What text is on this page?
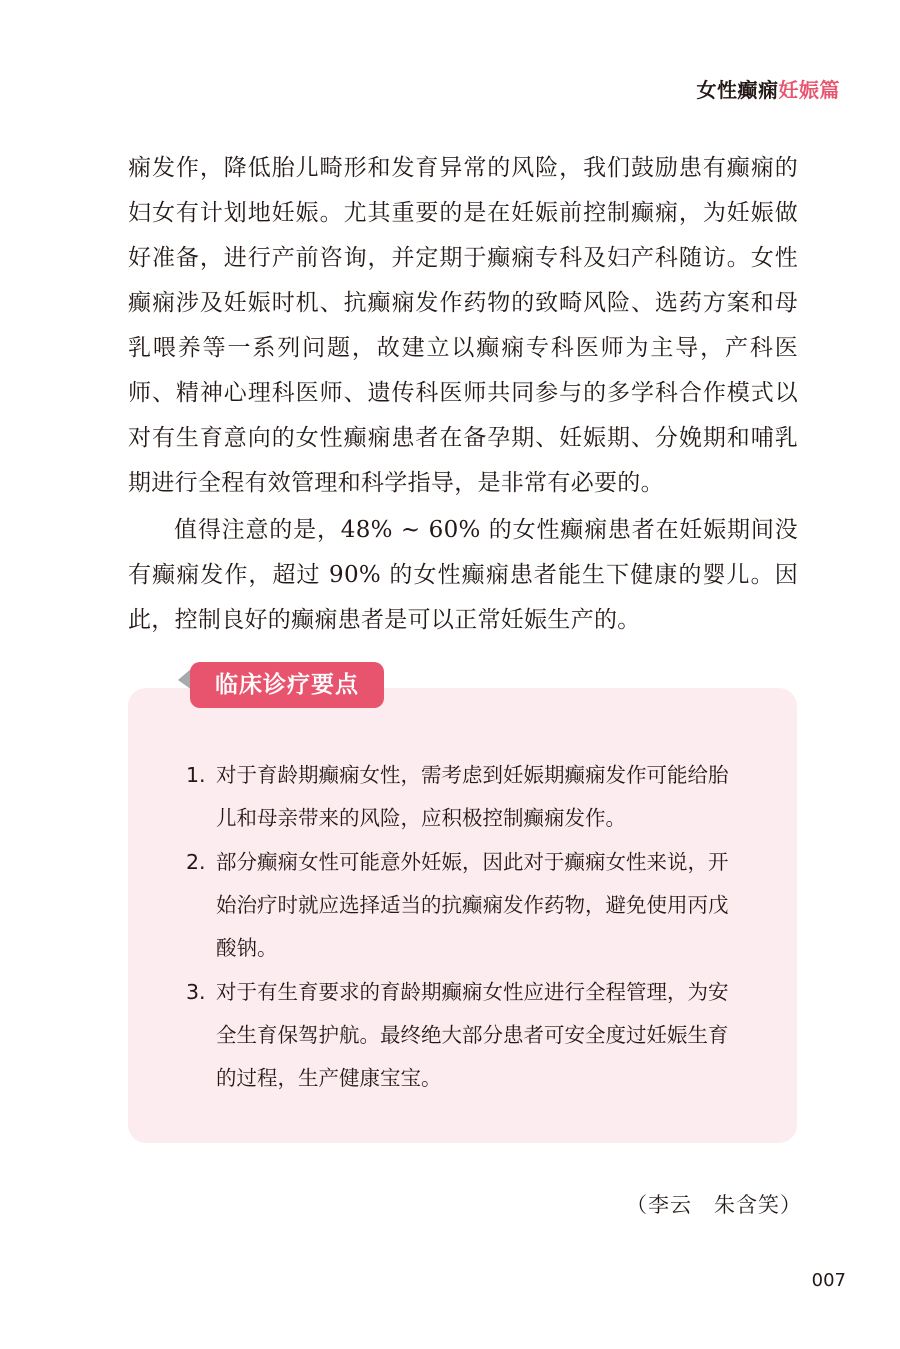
女性癫痫妊娠篇

痫发作，降低胎儿畸形和发育异常的风险，我们鼓励患有癫痫的妇女有计划地妊娠。尤其重要的是在妊娠前控制癫痫，为妊娠做好准备，进行产前咨询，并定期于癫痫专科及妇产科随访。女性癫痫涉及妊娠时机、抗癫痫发作药物的致畸风险、选药方案和母乳喂养等一系列问题，故建立以癫痫专科医师为主导，产科医师、精神心理科医师、遗传科医师共同参与的多学科合作模式以对有生育意向的女性癫痫患者在备孕期、妊娠期、分娩期和哺乳期进行全程有效管理和科学指导，是非常有必要的。

值得注意的是，48% ~ 60% 的女性癫痫患者在妊娠期间没有癫痫发作，超过 90% 的女性癫痫患者能生下健康的婴儿。因此，控制良好的癫痫患者是可以正常妊娠生产的。

临床诊疗要点
1. 对于育龄期癫痫女性，需考虑到妊娠期癫痫发作可能给胎儿和母亲带来的风险，应积极控制癫痫发作。
2. 部分癫痫女性可能意外妊娠，因此对于癫痫女性来说，开始治疗时就应选择适当的抗癫痫发作药物，避免使用丙戊酸钠。
3. 对于有生育要求的育龄期癫痫女性应进行全程管理，为安全生育保驾护航。最终绝大部分患者可安全度过妊娠生育的过程，生产健康宝宝。
（李云　朱含笑）
007
